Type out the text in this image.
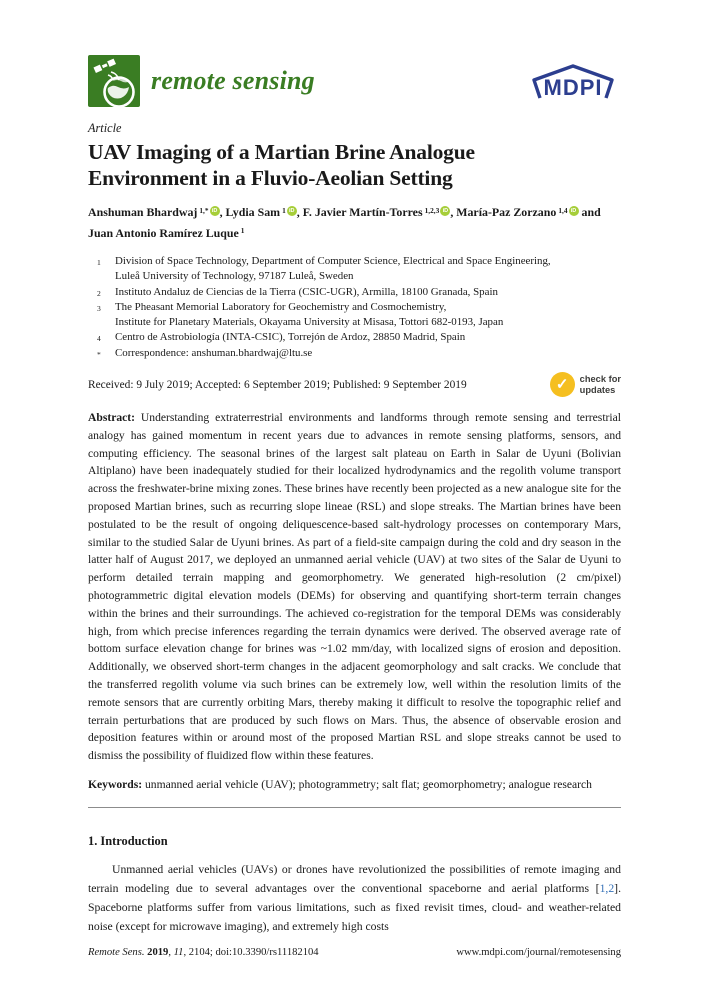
remote sensing	MDPI
Article
UAV Imaging of a Martian Brine Analogue
Environment in a Fluvio-Aeolian Setting
Anshuman Bhardwaj $^{1,*}$ iD , Lydia Sam $^1$ iD , F. Javier Martín-Torres $^{1,2,3}$ iD , María-Paz Zorzano $^{1,4}$ iD and Juan Antonio Ramírez Luque $^1$
1	Division of Space Technology, Department of Computer Science, Electrical and Space Engineering,
Luleå University of Technology, 97187 Luleå, Sweden
2	Instituto Andaluz de Ciencias de la Tierra (CSIC-UGR), Armilla, 18100 Granada, Spain
3	The Pheasant Memorial Laboratory for Geochemistry and Cosmochemistry,
Institute for Planetary Materials, Okayama University at Misasa, Tottori 682-0193, Japan
4	Centro de Astrobiología (INTA-CSIC), Torrejón de Ardoz, 28850 Madrid, Spain
*	Correspondence: anshuman.bhardwaj@ltu.se
Received: 9 July 2019; Accepted: 6 September 2019; Published: 9 September 2019	✓	check for
updates
Abstract: Understanding extraterrestrial environments and landforms through remote sensing and terrestrial analogy has gained momentum in recent years due to advances in remote sensing platforms, sensors, and computing efficiency. The seasonal brines of the largest salt plateau on Earth in Salar de Uyuni (Bolivian Altiplano) have been inadequately studied for their localized hydrodynamics and the regolith volume transport across the freshwater-brine mixing zones. These brines have recently been projected as a new analogue site for the proposed Martian brines, such as recurring slope lineae (RSL) and slope streaks. The Martian brines have been postulated to be the result of ongoing deliquescence-based salt-hydrology processes on contemporary Mars, similar to the studied Salar de Uyuni brines. As part of a field-site campaign during the cold and dry season in the latter half of August 2017, we deployed an unmanned aerial vehicle (UAV) at two sites of the Salar de Uyuni to perform detailed terrain mapping and geomorphometry. We generated high-resolution (2 cm/pixel) photogrammetric digital elevation models (DEMs) for observing and quantifying short-term terrain changes within the brines and their surroundings. The achieved co-registration for the temporal DEMs was considerably high, from which precise inferences regarding the terrain dynamics were derived. The observed average rate of bottom surface elevation change for brines was ~1.02 mm/day, with localized signs of erosion and deposition. Additionally, we observed short-term changes in the adjacent geomorphology and salt cracks. We conclude that the transferred regolith volume via such brines can be extremely low, well within the resolution limits of the remote sensors that are currently orbiting Mars, thereby making it difficult to resolve the topographic relief and terrain perturbations that are produced by such flows on Mars. Thus, the absence of observable erosion and deposition features within or around most of the proposed Martian RSL and slope streaks cannot be used to dismiss the possibility of fluidized flow within these features.
Keywords: unmanned aerial vehicle (UAV); photogrammetry; salt flat; geomorphometry; analogue research
1. Introduction
Unmanned aerial vehicles (UAVs) or drones have revolutionized the possibilities of remote imaging and terrain modeling due to several advantages over the conventional spaceborne and aerial platforms [1,2]. Spaceborne platforms suffer from various limitations, such as fixed revisit times, cloud- and weather-related noise (except for microwave imaging), and extremely high costs
Remote Sens. 2019, 11, 2104; doi:10.3390/rs11182104	www.mdpi.com/journal/remotesensing
